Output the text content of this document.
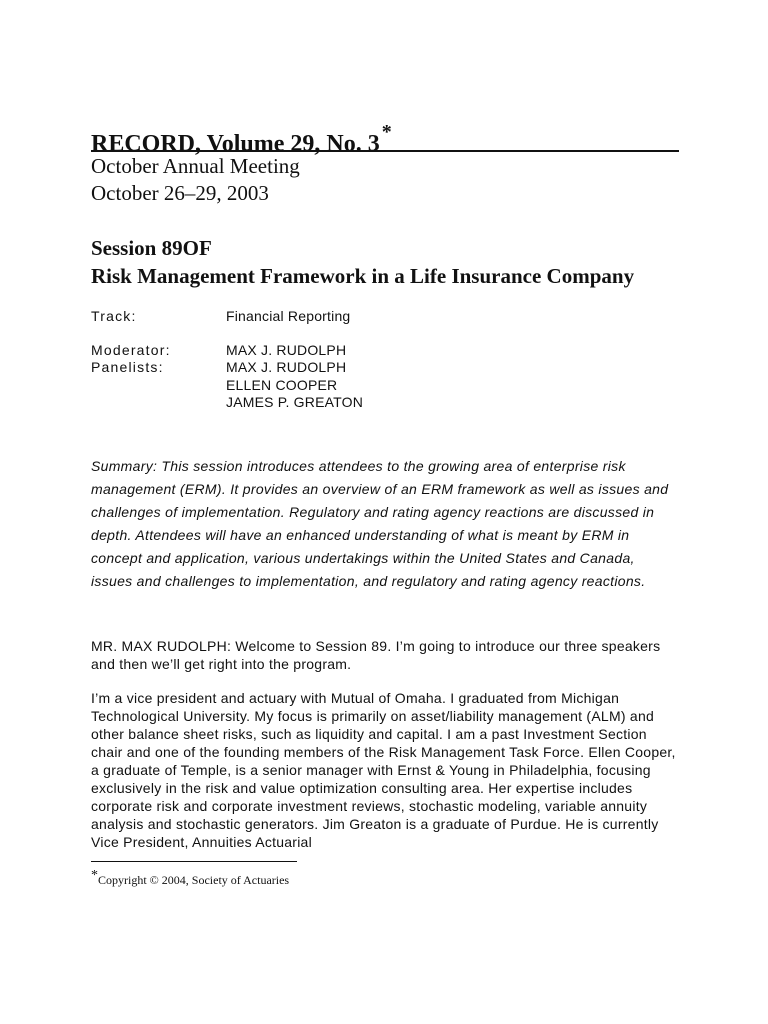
RECORD, Volume 29, No. 3 *
October Annual Meeting
October 26–29, 2003
Session 89OF
Risk Management Framework in a Life Insurance Company
Track:	Financial Reporting
Moderator:	MAX J. RUDOLPH
Panelists:	MAX J. RUDOLPH
ELLEN COOPER
JAMES P. GREATON
Summary: This session introduces attendees to the growing area of enterprise risk management (ERM). It provides an overview of an ERM framework as well as issues and challenges of implementation. Regulatory and rating agency reactions are discussed in depth. Attendees will have an enhanced understanding of what is meant by ERM in concept and application, various undertakings within the United States and Canada, issues and challenges to implementation, and regulatory and rating agency reactions.
MR. MAX RUDOLPH: Welcome to Session 89. I’m going to introduce our three speakers and then we’ll get right into the program.
I’m a vice president and actuary with Mutual of Omaha. I graduated from Michigan Technological University. My focus is primarily on asset/liability management (ALM) and other balance sheet risks, such as liquidity and capital. I am a past Investment Section chair and one of the founding members of the Risk Management Task Force. Ellen Cooper, a graduate of Temple, is a senior manager with Ernst & Young in Philadelphia, focusing exclusively in the risk and value optimization consulting area. Her expertise includes corporate risk and corporate investment reviews, stochastic modeling, variable annuity analysis and stochastic generators. Jim Greaton is a graduate of Purdue. He is currently Vice President, Annuities Actuarial
*Copyright © 2004, Society of Actuaries
